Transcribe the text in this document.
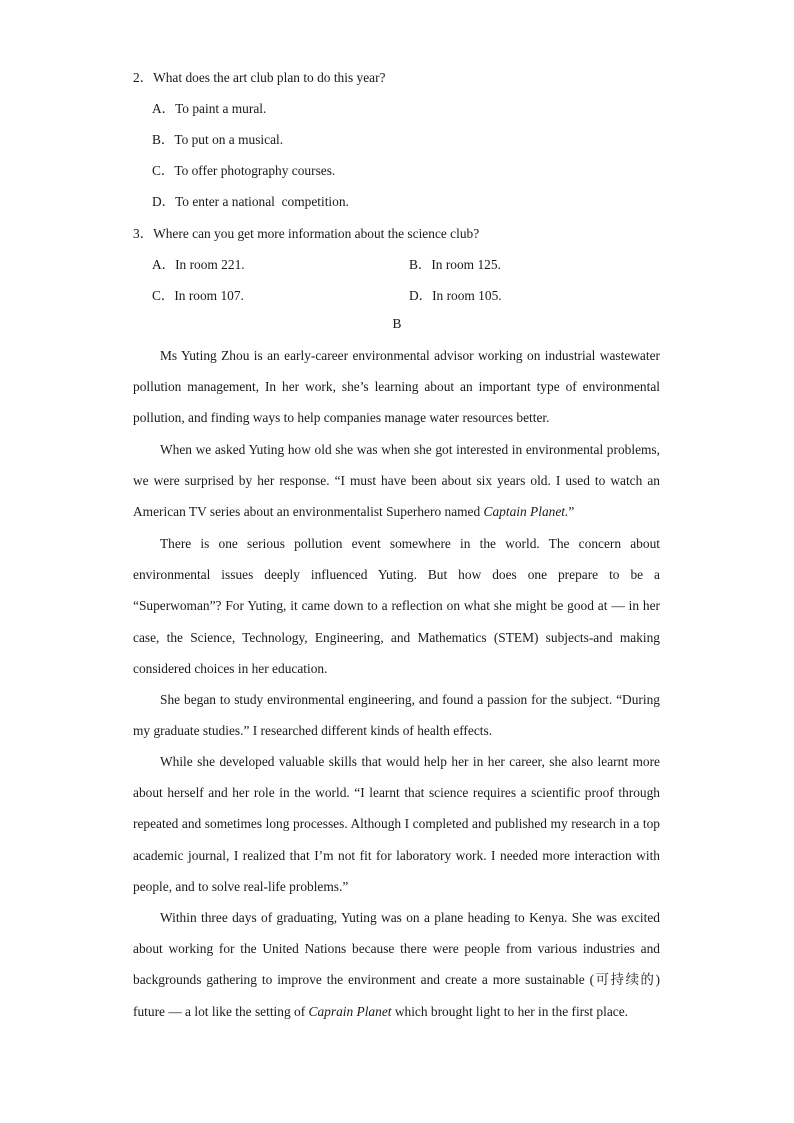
2．What does the art club plan to do this year?
A．To paint a mural.
B．To put on a musical.
C．To offer photography courses.
D．To enter a national  competition.
3．Where can you get more information about the science club?
A．In room 221.	B．In room 125.
C．In room 107.	D．In room 105.
B

Ms Yuting Zhou is an early-career environmental advisor working on industrial wastewater pollution management, In her work, she’s learning about an important type of environmental pollution, and finding ways to help companies manage water resources better.

When we asked Yuting how old she was when she got interested in environmental problems, we were surprised by her response. “I must have been about six years old. I used to watch an American TV series about an environmentalist Superhero named Captain Planet.”

There is one serious pollution event somewhere in the world. The concern about environmental issues deeply influenced Yuting. But how does one prepare to be a “Superwoman”? For Yuting, it came down to a reflection on what she might be good at — in her case, the Science, Technology, Engineering, and Mathematics (STEM) subjects-and making considered choices in her education.

She began to study environmental engineering, and found a passion for the subject. “During my graduate studies.” I researched different kinds of health effects.

While she developed valuable skills that would help her in her career, she also learnt more about herself and her role in the world. “I learnt that science requires a scientific proof through repeated and sometimes long processes. Although I completed and published my research in a top academic journal, I realized that I’m not fit for laboratory work. I needed more interaction with people, and to solve real-life problems.”

Within three days of graduating, Yuting was on a plane heading to Kenya. She was excited about working for the United Nations because there were people from various industries and backgrounds gathering to improve the environment and create a more sustainable (可持续的) future — a lot like the setting of Caprain Planet which brought light to her in the first place.
